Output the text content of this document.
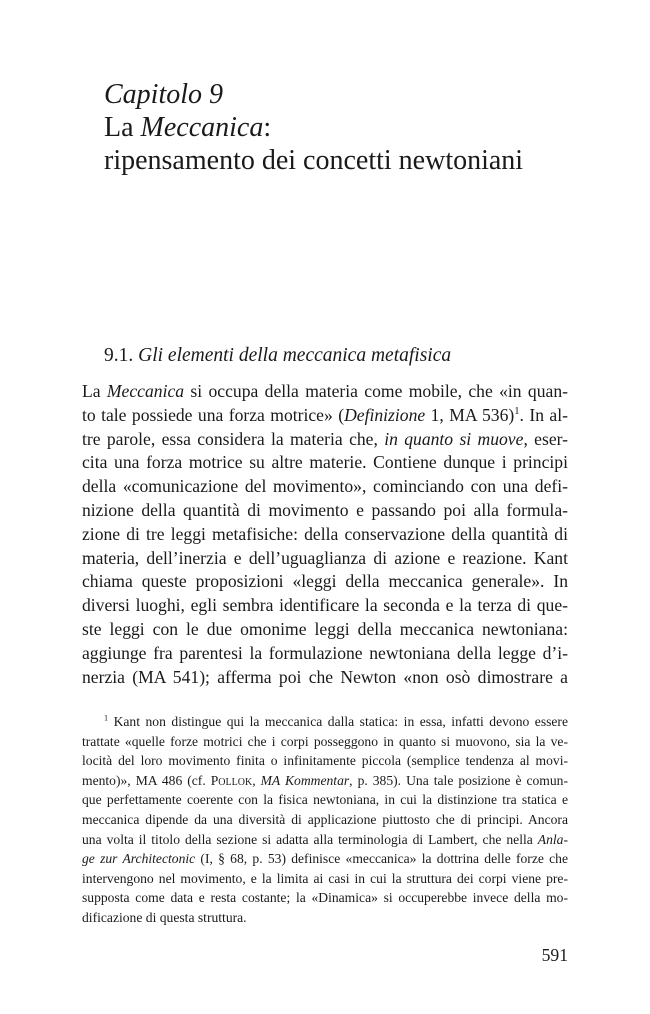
Capitolo 9
La Meccanica:
ripensamento dei concetti newtoniani
9.1. Gli elementi della meccanica metafisica
La Meccanica si occupa della materia come mobile, che «in quan-
to tale possiede una forza motrice» (Definizione 1, MA 536)$^1$. In al-
tre parole, essa considera la materia che, in quanto si muove, eser-
cita una forza motrice su altre materie. Contiene dunque i principi
della «comunicazione del movimento», cominciando con una defi-
nizione della quantità di movimento e passando poi alla formula-
zione di tre leggi metafisiche: della conservazione della quantità di
materia, dell’inerzia e dell’uguaglianza di azione e reazione. Kant
chiama queste proposizioni «leggi della meccanica generale». In
diversi luoghi, egli sembra identificare la seconda e la terza di que-
ste leggi con le due omonime leggi della meccanica newtoniana:
aggiunge fra parentesi la formulazione newtoniana della legge d’i-
nerzia (MA 541); afferma poi che Newton «non osò dimostrare a
$^1$ Kant non distingue qui la meccanica dalla statica: in essa, infatti devono essere
trattate «quelle forze motrici che i corpi posseggono in quanto si muovono, sia la ve-
locità del loro movimento finita o infinitamente piccola (semplice tendenza al movi-
mento)», MA 486 (cf. Pollok, MA Kommentar, p. 385). Una tale posizione è comun-
que perfettamente coerente con la fisica newtoniana, in cui la distinzione tra statica e
meccanica dipende da una diversità di applicazione piuttosto che di principi. Ancora
una volta il titolo della sezione si adatta alla terminologia di Lambert, che nella Anla-
ge zur Architectonic (I, § 68, p. 53) definisce «meccanica» la dottrina delle forze che
intervengono nel movimento, e la limita ai casi in cui la struttura dei corpi viene pre-
supposta come data e resta costante; la «Dinamica» si occuperebbe invece della mo-
dificazione di questa struttura.
591
